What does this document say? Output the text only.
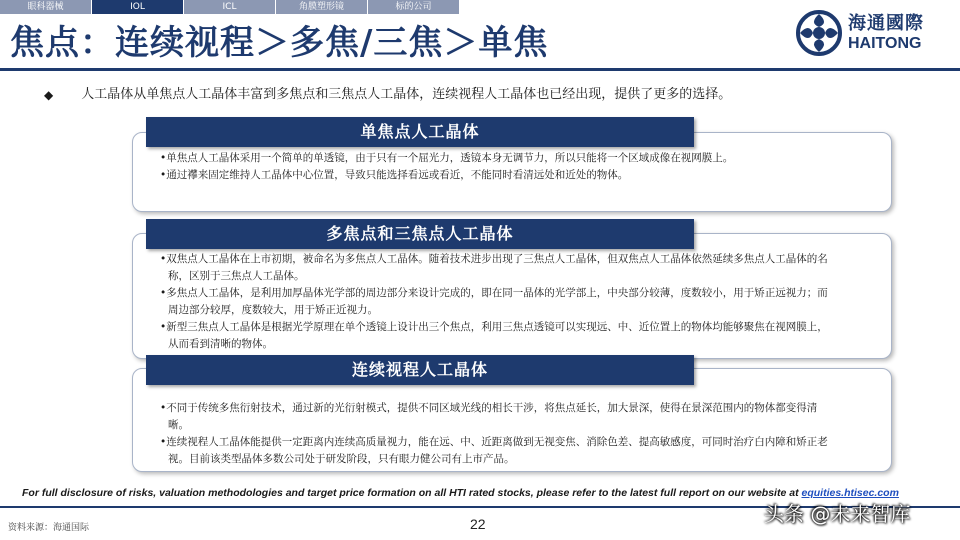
眼科器械	IOL	ICL	角膜塑形镜	标的公司
焦点：连续视程＞多焦/三焦＞单焦	海通國際
HAITONG
◆ 人工晶体从单焦点人工晶体丰富到多焦点和三焦点人工晶体，连续视程人工晶体也已经出现，提供了更多的选择。
单焦点人工晶体
•单焦点人工晶体采用一个简单的单透镜，由于只有一个屈光力，透镜本身无调节力，所以只能将一个区域成像在视网膜上。
•通过襻来固定维持人工晶体中心位置，导致只能选择看远或看近，不能同时看清远处和近处的物体。
多焦点和三焦点人工晶体
•双焦点人工晶体在上市初期，被命名为多焦点人工晶体。随着技术进步出现了三焦点人工晶体，但双焦点人工晶体依然延续多焦点人工晶体的名称，区别于三焦点人工晶体。
•多焦点人工晶体，是利用加厚晶体光学部的周边部分来设计完成的，即在同一晶体的光学部上，中央部分较薄，度数较小，用于矫正远视力；而周边部分较厚，度数较大，用于矫正近视力。
•新型三焦点人工晶体是根据光学原理在单个透镜上设计出三个焦点，利用三焦点透镜可以实现远、中、近位置上的物体均能够聚焦在视网膜上，从而看到清晰的物体。
连续视程人工晶体
•不同于传统多焦衍射技术，通过新的光衍射模式，提供不同区域光线的相长干涉，将焦点延长，加大景深，使得在景深范围内的物体都变得清晰。
•连续视程人工晶体能提供一定距离内连续高质量视力，能在远、中、近距离做到无视变焦、消除色差、提高敏感度，可同时治疗白内障和矫正老视。目前该类型晶体多数公司处于研发阶段，只有眼力健公司有上市产品。
For full disclosure of risks, valuation methodologies and target price formation on all HTI rated stocks, please refer to the latest full report on our website at equities.htisec.com
资料来源：海通国际	22	头条 @未来智库
